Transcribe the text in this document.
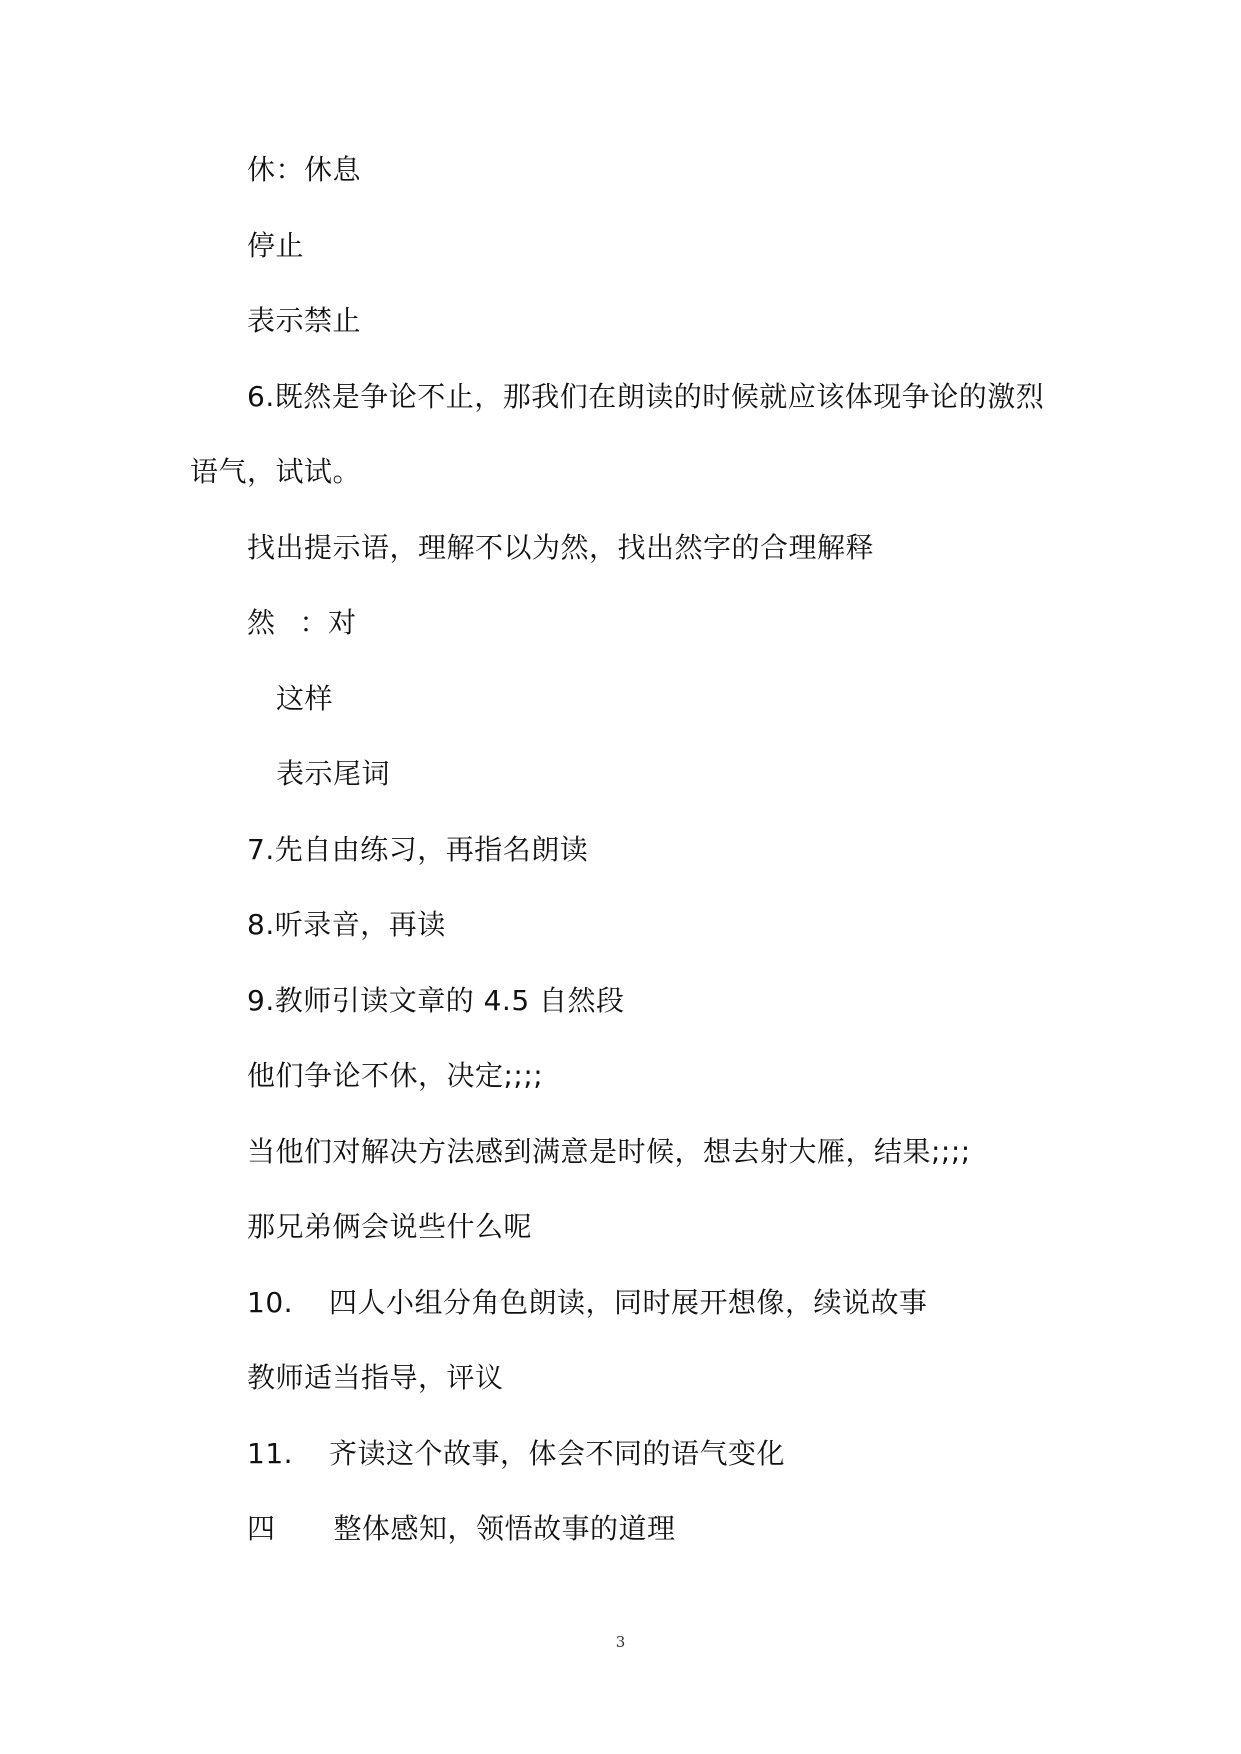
休：休息
停止
表示禁止
6.既然是争论不止，那我们在朗读的时候就应该体现争论的激烈
语气，试试。
找出提示语，理解不以为然，找出然字的合理解释
然 ：对
这样
表示尾词
7.先自由练习，再指名朗读
8.听录音，再读
9.教师引读文章的 4.5 自然段
他们争论不休，决定;;;;
当他们对解决方法感到满意是时候，想去射大雁，结果;;;;
那兄弟俩会说些什么呢
10. 四人小组分角色朗读，同时展开想像，续说故事
教师适当指导，评议
11. 齐读这个故事，体会不同的语气变化
四 整体感知，领悟故事的道理
3
